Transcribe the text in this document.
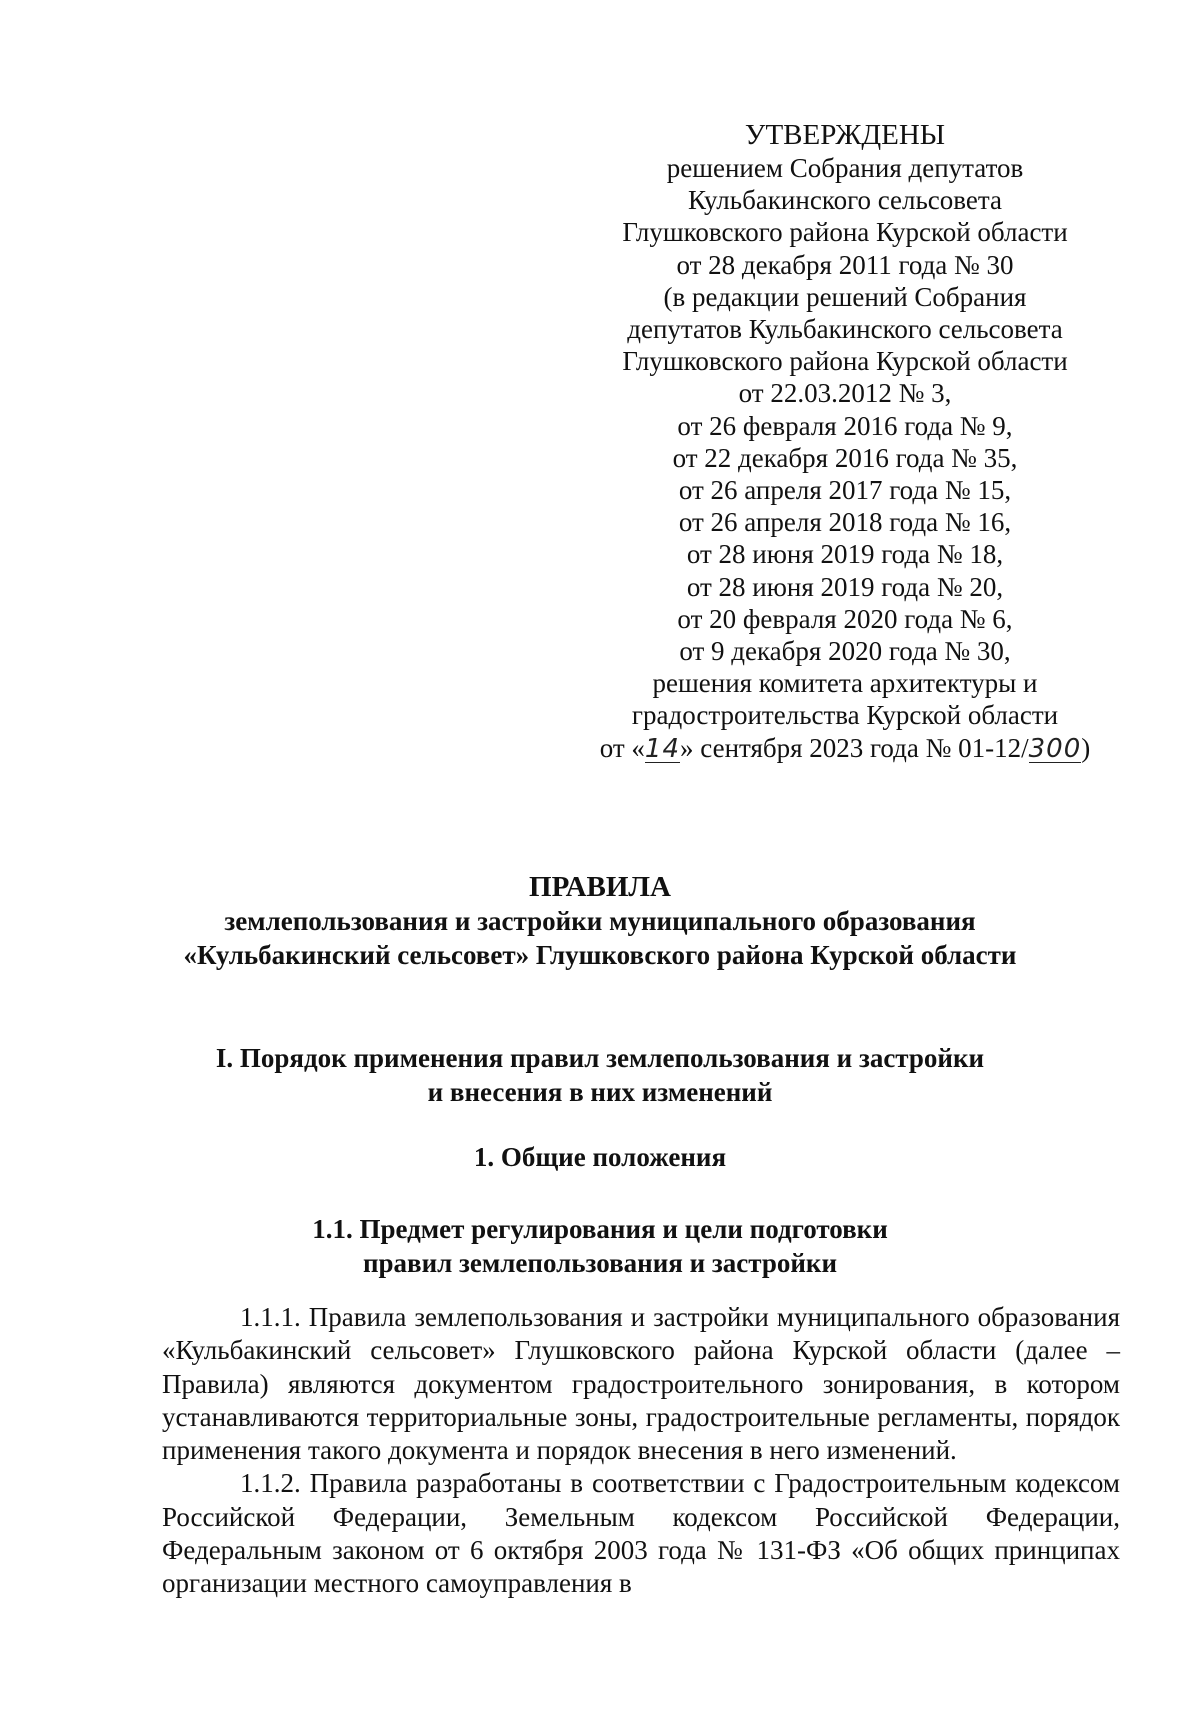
УТВЕРЖДЕНЫ
решением Собрания депутатов
Кульбакинского сельсовета
Глушковского района Курской области
от 28 декабря 2011 года № 30
(в редакции решений Собрания
депутатов Кульбакинского сельсовета
Глушковского района Курской области
от 22.03.2012 № 3,
от 26 февраля 2016 года № 9,
от 22 декабря 2016 года № 35,
от 26 апреля 2017 года № 15,
от 26 апреля 2018 года № 16,
от 28 июня 2019 года № 18,
от 28 июня 2019 года № 20,
от 20 февраля 2020 года № 6,
от 9 декабря 2020 года № 30,
решения комитета архитектуры и
градостроительства Курской области
от «14» сентября 2023 года № 01-12/300)
ПРАВИЛА
землепользования и застройки муниципального образования
«Кульбакинский сельсовет» Глушковского района Курской области
I. Порядок применения правил землепользования и застройки
и внесения в них изменений
1. Общие положения
1.1. Предмет регулирования и цели подготовки
правил землепользования и застройки

1.1.1. Правила землепользования и застройки муниципального образования «Кульбакинский сельсовет» Глушковского района Курской области (далее – Правила) являются документом градостроительного зонирования, в котором устанавливаются территориальные зоны, градостроительные регламенты, порядок применения такого документа и порядок внесения в него изменений.

1.1.2. Правила разработаны в соответствии с Градостроительным кодексом Российской Федерации, Земельным кодексом Российской Федерации, Федеральным законом от 6 октября 2003 года № 131-ФЗ «Об общих принципах организации местного самоуправления в
